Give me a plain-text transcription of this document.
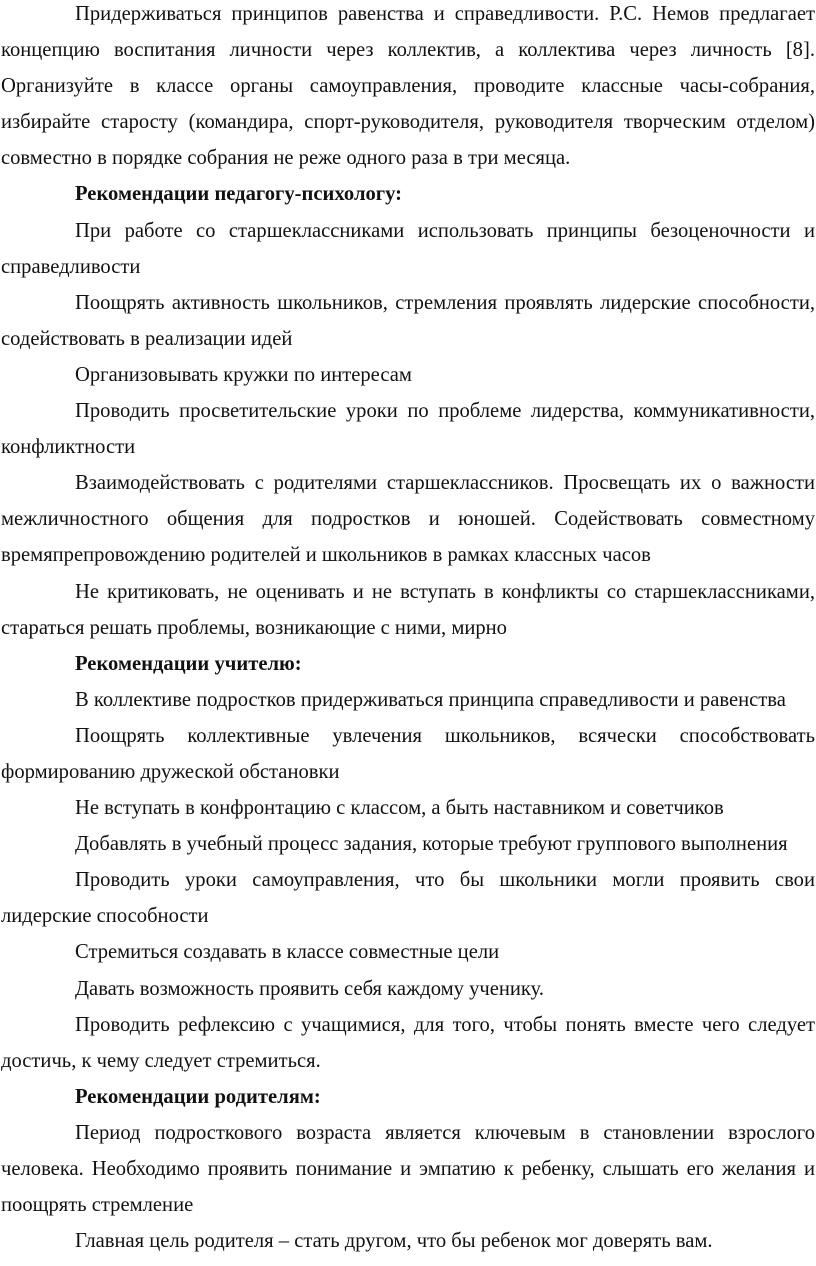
Придерживаться принципов равенства и справедливости. Р.С. Немов предлагает концепцию воспитания личности через коллектив, а коллектива через личность [8]. Организуйте в классе органы самоуправления, проводите классные часы-собрания, избирайте старосту (командира, спорт-руководителя, руководителя творческим отделом) совместно в порядке собрания не реже одного раза в три месяца.

Рекомендации педагогу-психологу:

При работе со старшеклассниками использовать принципы безоценочности и справедливости

Поощрять активность школьников, стремления проявлять лидерские способности, содействовать в реализации идей

Организовывать кружки по интересам

Проводить просветительские уроки по проблеме лидерства, коммуникативности, конфликтности

Взаимодействовать с родителями старшеклассников. Просвещать их о важности межличностного общения для подростков и юношей. Содействовать совместному времяпрепровождению родителей и школьников в рамках классных часов

Не критиковать, не оценивать и не вступать в конфликты со старшеклассниками, стараться решать проблемы, возникающие с ними, мирно

Рекомендации учителю:

В коллективе подростков придерживаться принципа справедливости и равенства

Поощрять коллективные увлечения школьников, всячески способствовать формированию дружеской обстановки

Не вступать в конфронтацию с классом, а быть наставником и советчиков

Добавлять в учебный процесс задания, которые требуют группового выполнения

Проводить уроки самоуправления, что бы школьники могли проявить свои лидерские способности

Стремиться создавать в классе совместные цели

Давать возможность проявить себя каждому ученику.

Проводить рефлексию с учащимися, для того, чтобы понять вместе чего следует достичь, к чему следует стремиться.

Рекомендации родителям:

Период подросткового возраста является ключевым в становлении взрослого человека. Необходимо проявить понимание и эмпатию к ребенку, слышать его желания и поощрять стремление

Главная цель родителя – стать другом, что бы ребенок мог доверять вам.
